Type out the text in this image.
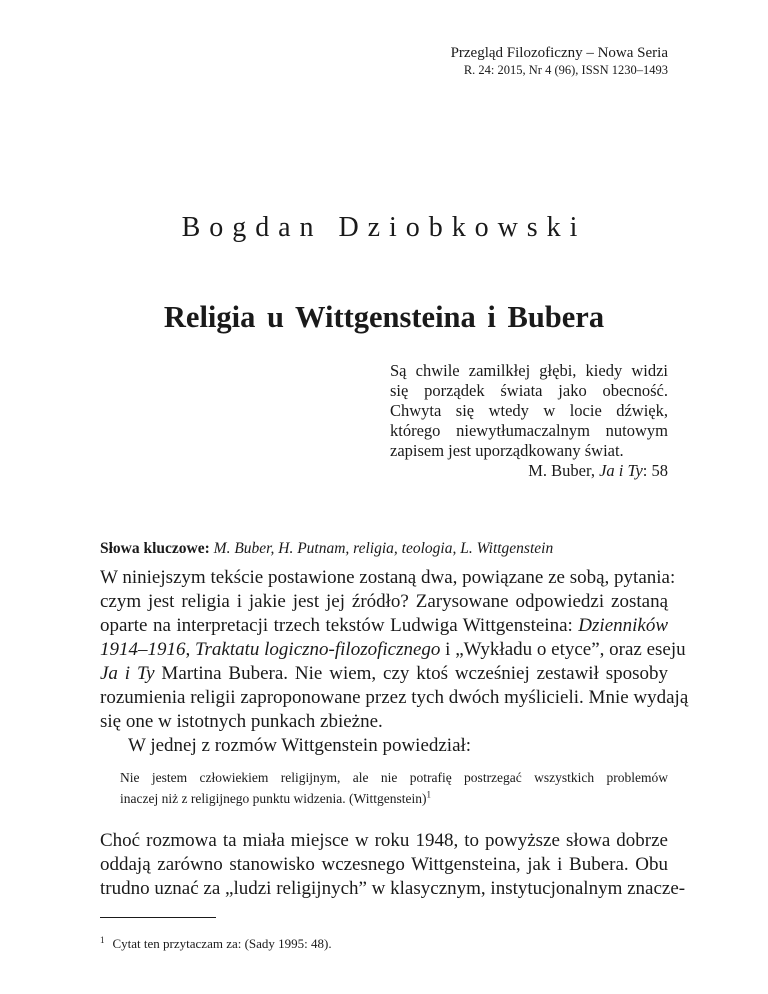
Przegląd Filozoficzny – Nowa Seria
R. 24: 2015, Nr 4 (96), ISSN 1230–1493
Bogdan Dziobkowski
Religia u Wittgensteina i Bubera
Są chwile zamilkłej głębi, kiedy widzi
się porządek świata jako obecność.
Chwyta się wtedy w locie dźwięk,
którego niewytłumaczalnym nutowym
zapisem jest uporządkowany świat.
M. Buber, Ja i Ty: 58
Słowa kluczowe: M. Buber, H. Putnam, religia, teologia, L. Wittgenstein
W niniejszym tekście postawione zostaną dwa, powiązane ze sobą, pytania:
czym jest religia i jakie jest jej źródło? Zarysowane odpowiedzi zostaną
oparte na interpretacji trzech tekstów Ludwiga Wittgensteina: Dzienników
1914–1916, Traktatu logiczno-filozoficznego i „Wykładu o etyce”, oraz eseju
Ja i Ty Martina Bubera. Nie wiem, czy ktoś wcześniej zestawił sposoby
rozumienia religii zaproponowane przez tych dwóch myślicieli. Mnie wydają
się one w istotnych punkach zbieżne.
W jednej z rozmów Wittgenstein powiedział:
Nie jestem człowiekiem religijnym, ale nie potrafię postrzegać wszystkich problemów
inaczej niż z religijnego punktu widzenia. (Wittgenstein)$^1$
Choć rozmowa ta miała miejsce w roku 1948, to powyższe słowa dobrze
oddają zarówno stanowisko wczesnego Wittgensteina, jak i Bubera. Obu
trudno uznać za „ludzi religijnych” w klasycznym, instytucjonalnym znacze-
$^1$ Cytat ten przytaczam za: (Sady 1995: 48).
